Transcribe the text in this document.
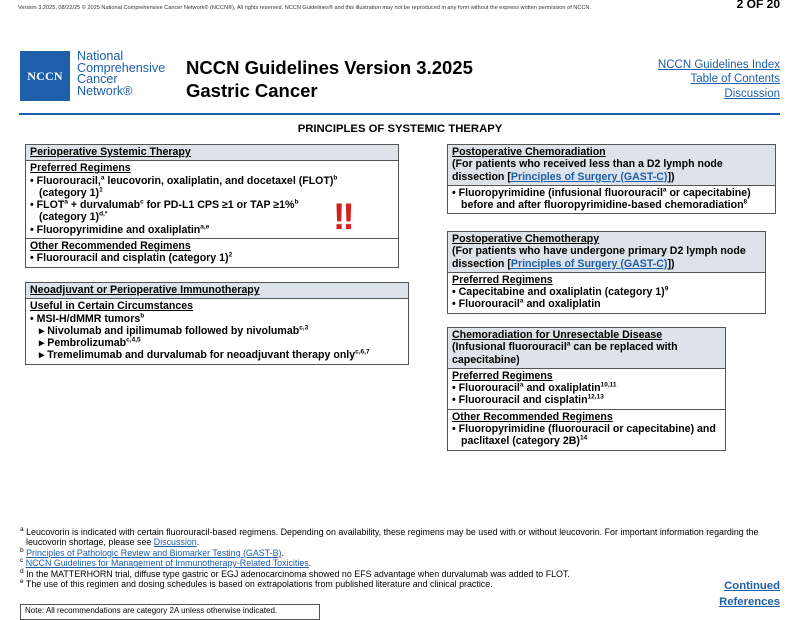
Version 3.2025, 08/22/25 © 2025 National Comprehensive Cancer Network® (NCCN®), All rights reserved. NCCN Guidelines® and this illustration may not be reproduced in any form without the express written permission of NCCN.	2 OF 20
NCCN
National
Comprehensive
Cancer
Network®
NCCN Guidelines Version 3.2025
Gastric Cancer
NCCN Guidelines Index
Table of Contents
Discussion
PRINCIPLES OF SYSTEMIC THERAPY
Perioperative Systemic Therapy
Preferred Regimens
• Fluorouracil,$^a$ leucovorin, oxaliplatin, and docetaxel (FLOT)$^b$
(category 1)$^1$
• $FLOT^a$ + durvalumab$^c$ for PD-L1 CPS ≥1 or TAP ≥1%$^b$
(category 1)$^{d,*}$
• Fluoropyrimidine and oxaliplatin$^{a,e}$
Other Recommended Regimens
• Fluorouracil and cisplatin (category 1)$^2$
!!
Neoadjuvant or Perioperative Immunotherapy
Useful in Certain Circumstances
• MSI-H/dMMR tumors$^b$
▸ Nivolumab and ipilimumab followed by nivolumab$^{c,3}$
▸ Pembrolizumab$^{c,4,5}$
▸ Tremelimumab and durvalumab for neoadjuvant therapy only$^{c,6,7}$
Postoperative Chemoradiation
(For patients who received less than a D2 lymph node dissection [Principles of Surgery (GAST-C)])
• Fluoropyrimidine (infusional fluorouracil$^a$ or capecitabine) before and after fluoropyrimidine-based chemoradiation$^8$
Postoperative Chemotherapy
(For patients who have undergone primary D2 lymph node dissection [Principles of Surgery (GAST-C)])
Preferred Regimens
• Capecitabine and oxaliplatin (category 1)$^9$
• Fluorouracil$^a$ and oxaliplatin
Chemoradiation for Unresectable Disease
(Infusional fluorouracil$^a$ can be replaced with capecitabine)
Preferred Regimens
• Fluorouracil$^a$ and oxaliplatin$^{10,11}$
• Fluorouracil and cisplatin$^{12,13}$
Other Recommended Regimens
• Fluoropyrimidine (fluorouracil or capecitabine) and paclitaxel (category 2B)$^{14}$
$^a$ Leucovorin is indicated with certain fluorouracil-based regimens. Depending on availability, these regimens may be used with or without leucovorin. For important information regarding the leucovorin shortage, please see Discussion.
$^b$ Principles of Pathologic Review and Biomarker Testing (GAST-B).
$^c$ NCCN Guidelines for Management of Immunotherapy-Related Toxicities.
$^d$ In the MATTERHORN trial, diffuse type gastric or EGJ adenocarcinoma showed no EFS advantage when durvalumab was added to FLOT.
$^e$ The use of this regimen and dosing schedules is based on extrapolations from published literature and clinical practice.	Continued
References
Note: All recommendations are category 2A unless otherwise indicated.
